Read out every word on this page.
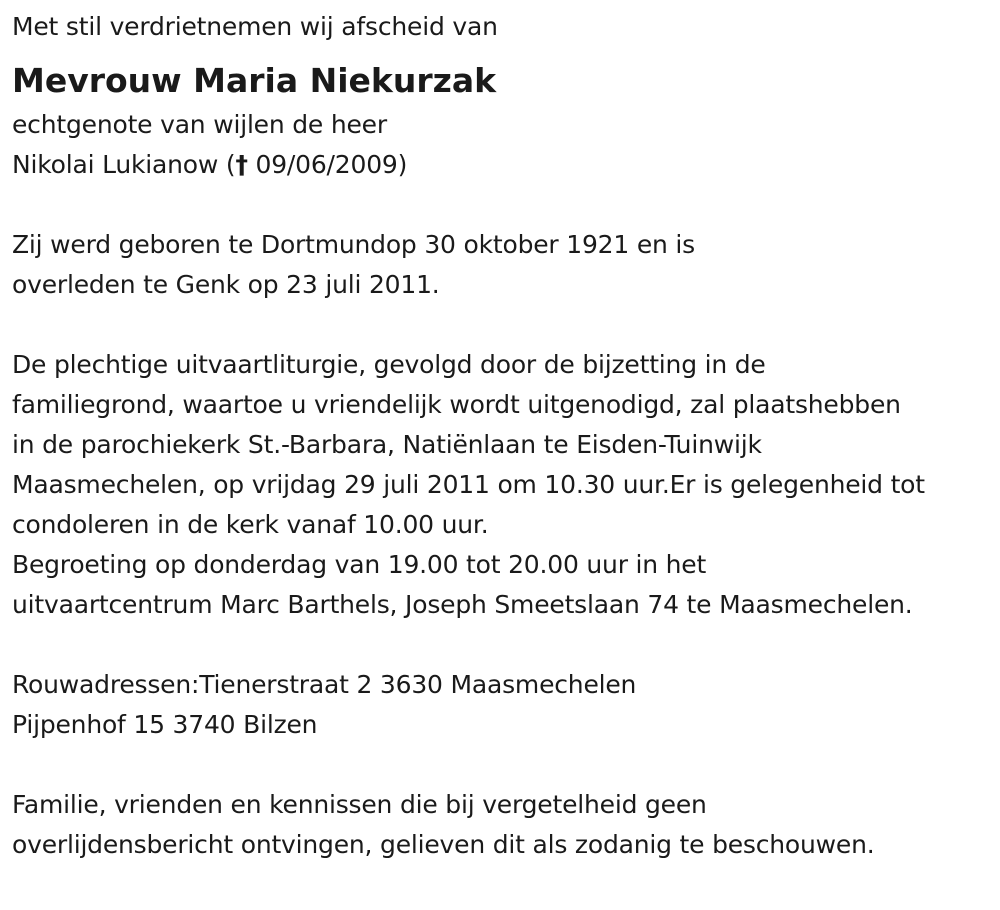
Met stil verdrietnemen wij afscheid van
Mevrouw Maria Niekurzak
echtgenote van wijlen de heer
Nikolai Lukianow († 09/06/2009)
Zij werd geboren te Dortmundop 30 oktober 1921 en is
overleden te Genk op 23 juli 2011.
De plechtige uitvaartliturgie, gevolgd door de bijzetting in de
familiegrond, waartoe u vriendelijk wordt uitgenodigd, zal plaatshebben
in de parochiekerk St.-Barbara, Natiënlaan te Eisden-Tuinwijk
Maasmechelen, op vrijdag 29 juli 2011 om 10.30 uur.Er is gelegenheid tot
condoleren in de kerk vanaf 10.00 uur.
Begroeting op donderdag van 19.00 tot 20.00 uur in het
uitvaartcentrum Marc Barthels, Joseph Smeetslaan 74 te Maasmechelen.
Rouwadressen:Tienerstraat 2 3630 Maasmechelen
Pijpenhof 15 3740 Bilzen
Familie, vrienden en kennissen die bij vergetelheid geen
overlijdensbericht ontvingen, gelieven dit als zodanig te beschouwen.
